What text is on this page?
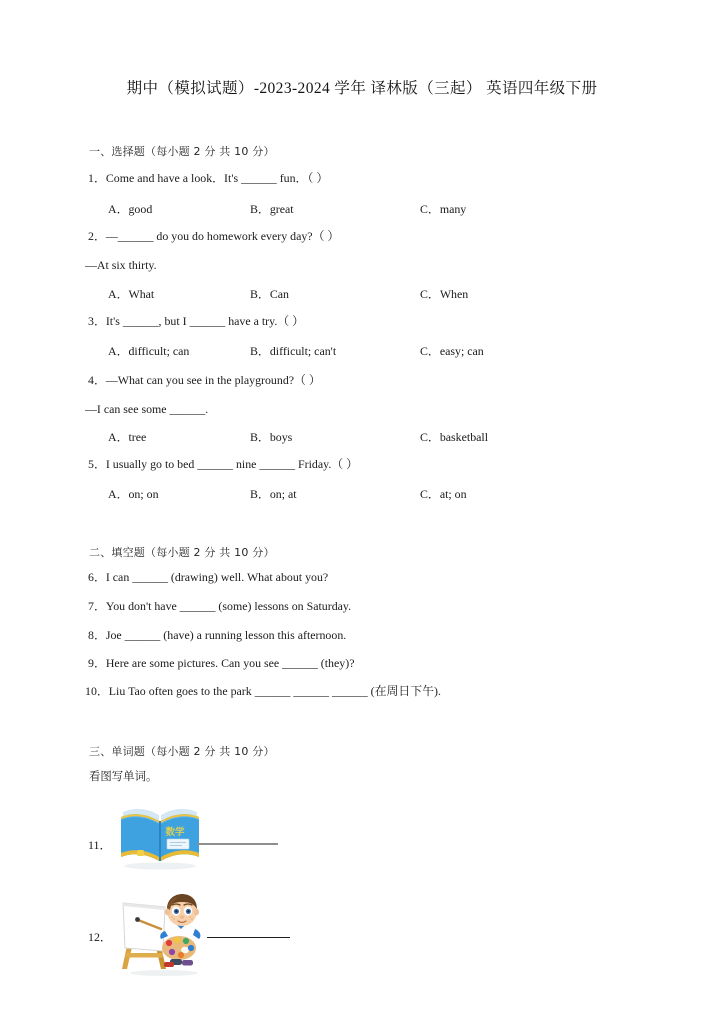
期中（模拟试题）-2023-2024 学年 译林版（三起） 英语四年级下册
一、选择题（每小题 2 分 共 10 分）
1．Come and have a look．It's ______ fun．（ ）
A．good	B．great	C．many
2．—______ do you do homework every day?（ ）
—At six thirty.
A．What	B．Can	C．When
3．It's ______, but I ______ have a try.（ ）
A．difficult; can	B．difficult; can't	C．easy; can
4．—What can you see in the playground?（ ）
—I can see some ______.
A．tree	B．boys	C．basketball
5．I usually go to bed ______ nine ______ Friday.（ ）
A．on; on	B．on; at	C．at; on
二、填空题（每小题 2 分 共 10 分）
6．I can ______ (drawing) well. What about you?
7．You don't have ______ (some) lessons on Saturday.
8．Joe ______ (have) a running lesson this afternoon.
9．Here are some pictures. Can you see ______ (they)?
10．Liu Tao often goes to the park ______ ______ ______ (在周日下午).
三、单词题（每小题 2 分 共 10 分）
看图写单词。
11．
数学
12．
